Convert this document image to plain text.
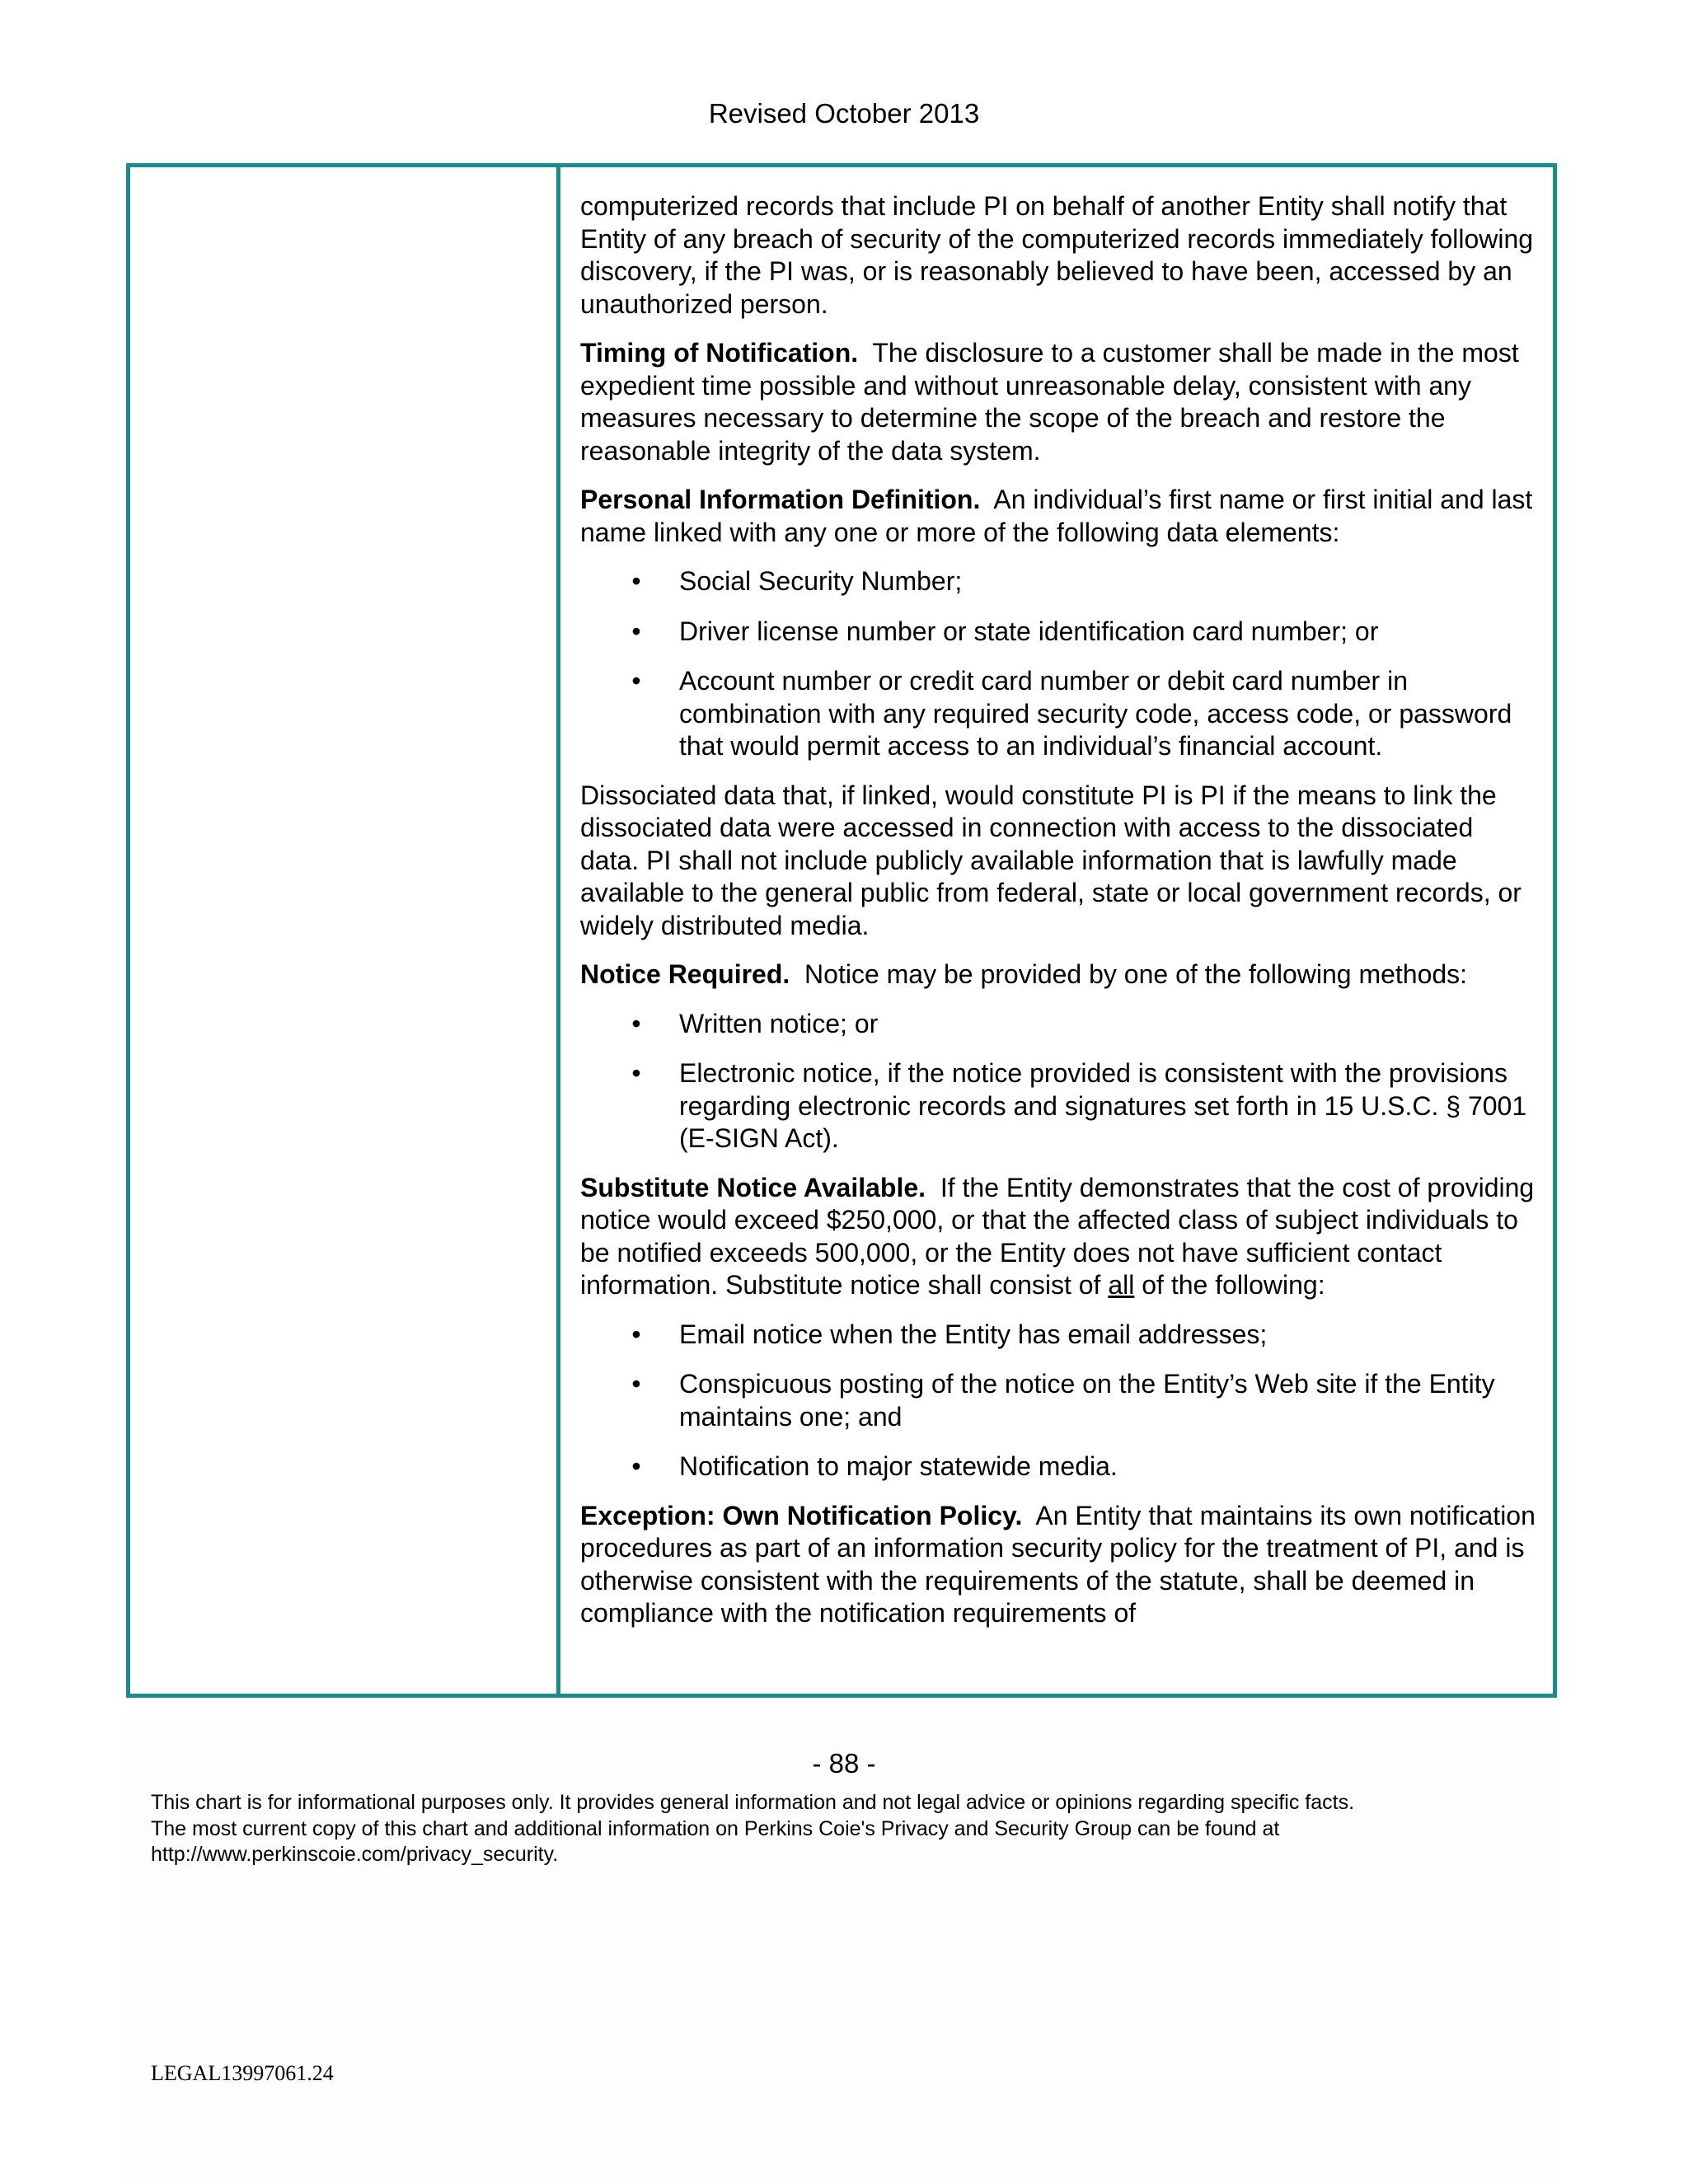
Revised October 2013

computerized records that include PI on behalf of another Entity shall notify that Entity of any breach of security of the computerized records immediately following discovery, if the PI was, or is reasonably believed to have been, accessed by an unauthorized person.

Timing of Notification. The disclosure to a customer shall be made in the most expedient time possible and without unreasonable delay, consistent with any measures necessary to determine the scope of the breach and restore the reasonable integrity of the data system.

Personal Information Definition. An individual’s first name or first initial and last name linked with any one or more of the following data elements:

• Social Security Number;
• Driver license number or state identification card number; or
• Account number or credit card number or debit card number in combination with any required security code, access code, or password that would permit access to an individual’s financial account.

Dissociated data that, if linked, would constitute PI is PI if the means to link the dissociated data were accessed in connection with access to the dissociated data. PI shall not include publicly available information that is lawfully made available to the general public from federal, state or local government records, or widely distributed media.

Notice Required. Notice may be provided by one of the following methods:

• Written notice; or
• Electronic notice, if the notice provided is consistent with the provisions regarding electronic records and signatures set forth in 15 U.S.C. § 7001 (E-SIGN Act).

Substitute Notice Available. If the Entity demonstrates that the cost of providing notice would exceed $250,000, or that the affected class of subject individuals to be notified exceeds 500,000, or the Entity does not have sufficient contact information. Substitute notice shall consist of all of the following:

• Email notice when the Entity has email addresses;
• Conspicuous posting of the notice on the Entity’s Web site if the Entity maintains one; and
• Notification to major statewide media.

Exception: Own Notification Policy. An Entity that maintains its own notification procedures as part of an information security policy for the treatment of PI, and is otherwise consistent with the requirements of the statute, shall be deemed in compliance with the notification requirements of

- 88 -
This chart is for informational purposes only. It provides general information and not legal advice or opinions regarding specific facts.
The most current copy of this chart and additional information on Perkins Coie's Privacy and Security Group can be found at
http://www.perkinscoie.com/privacy_security.
LEGAL13997061.24
